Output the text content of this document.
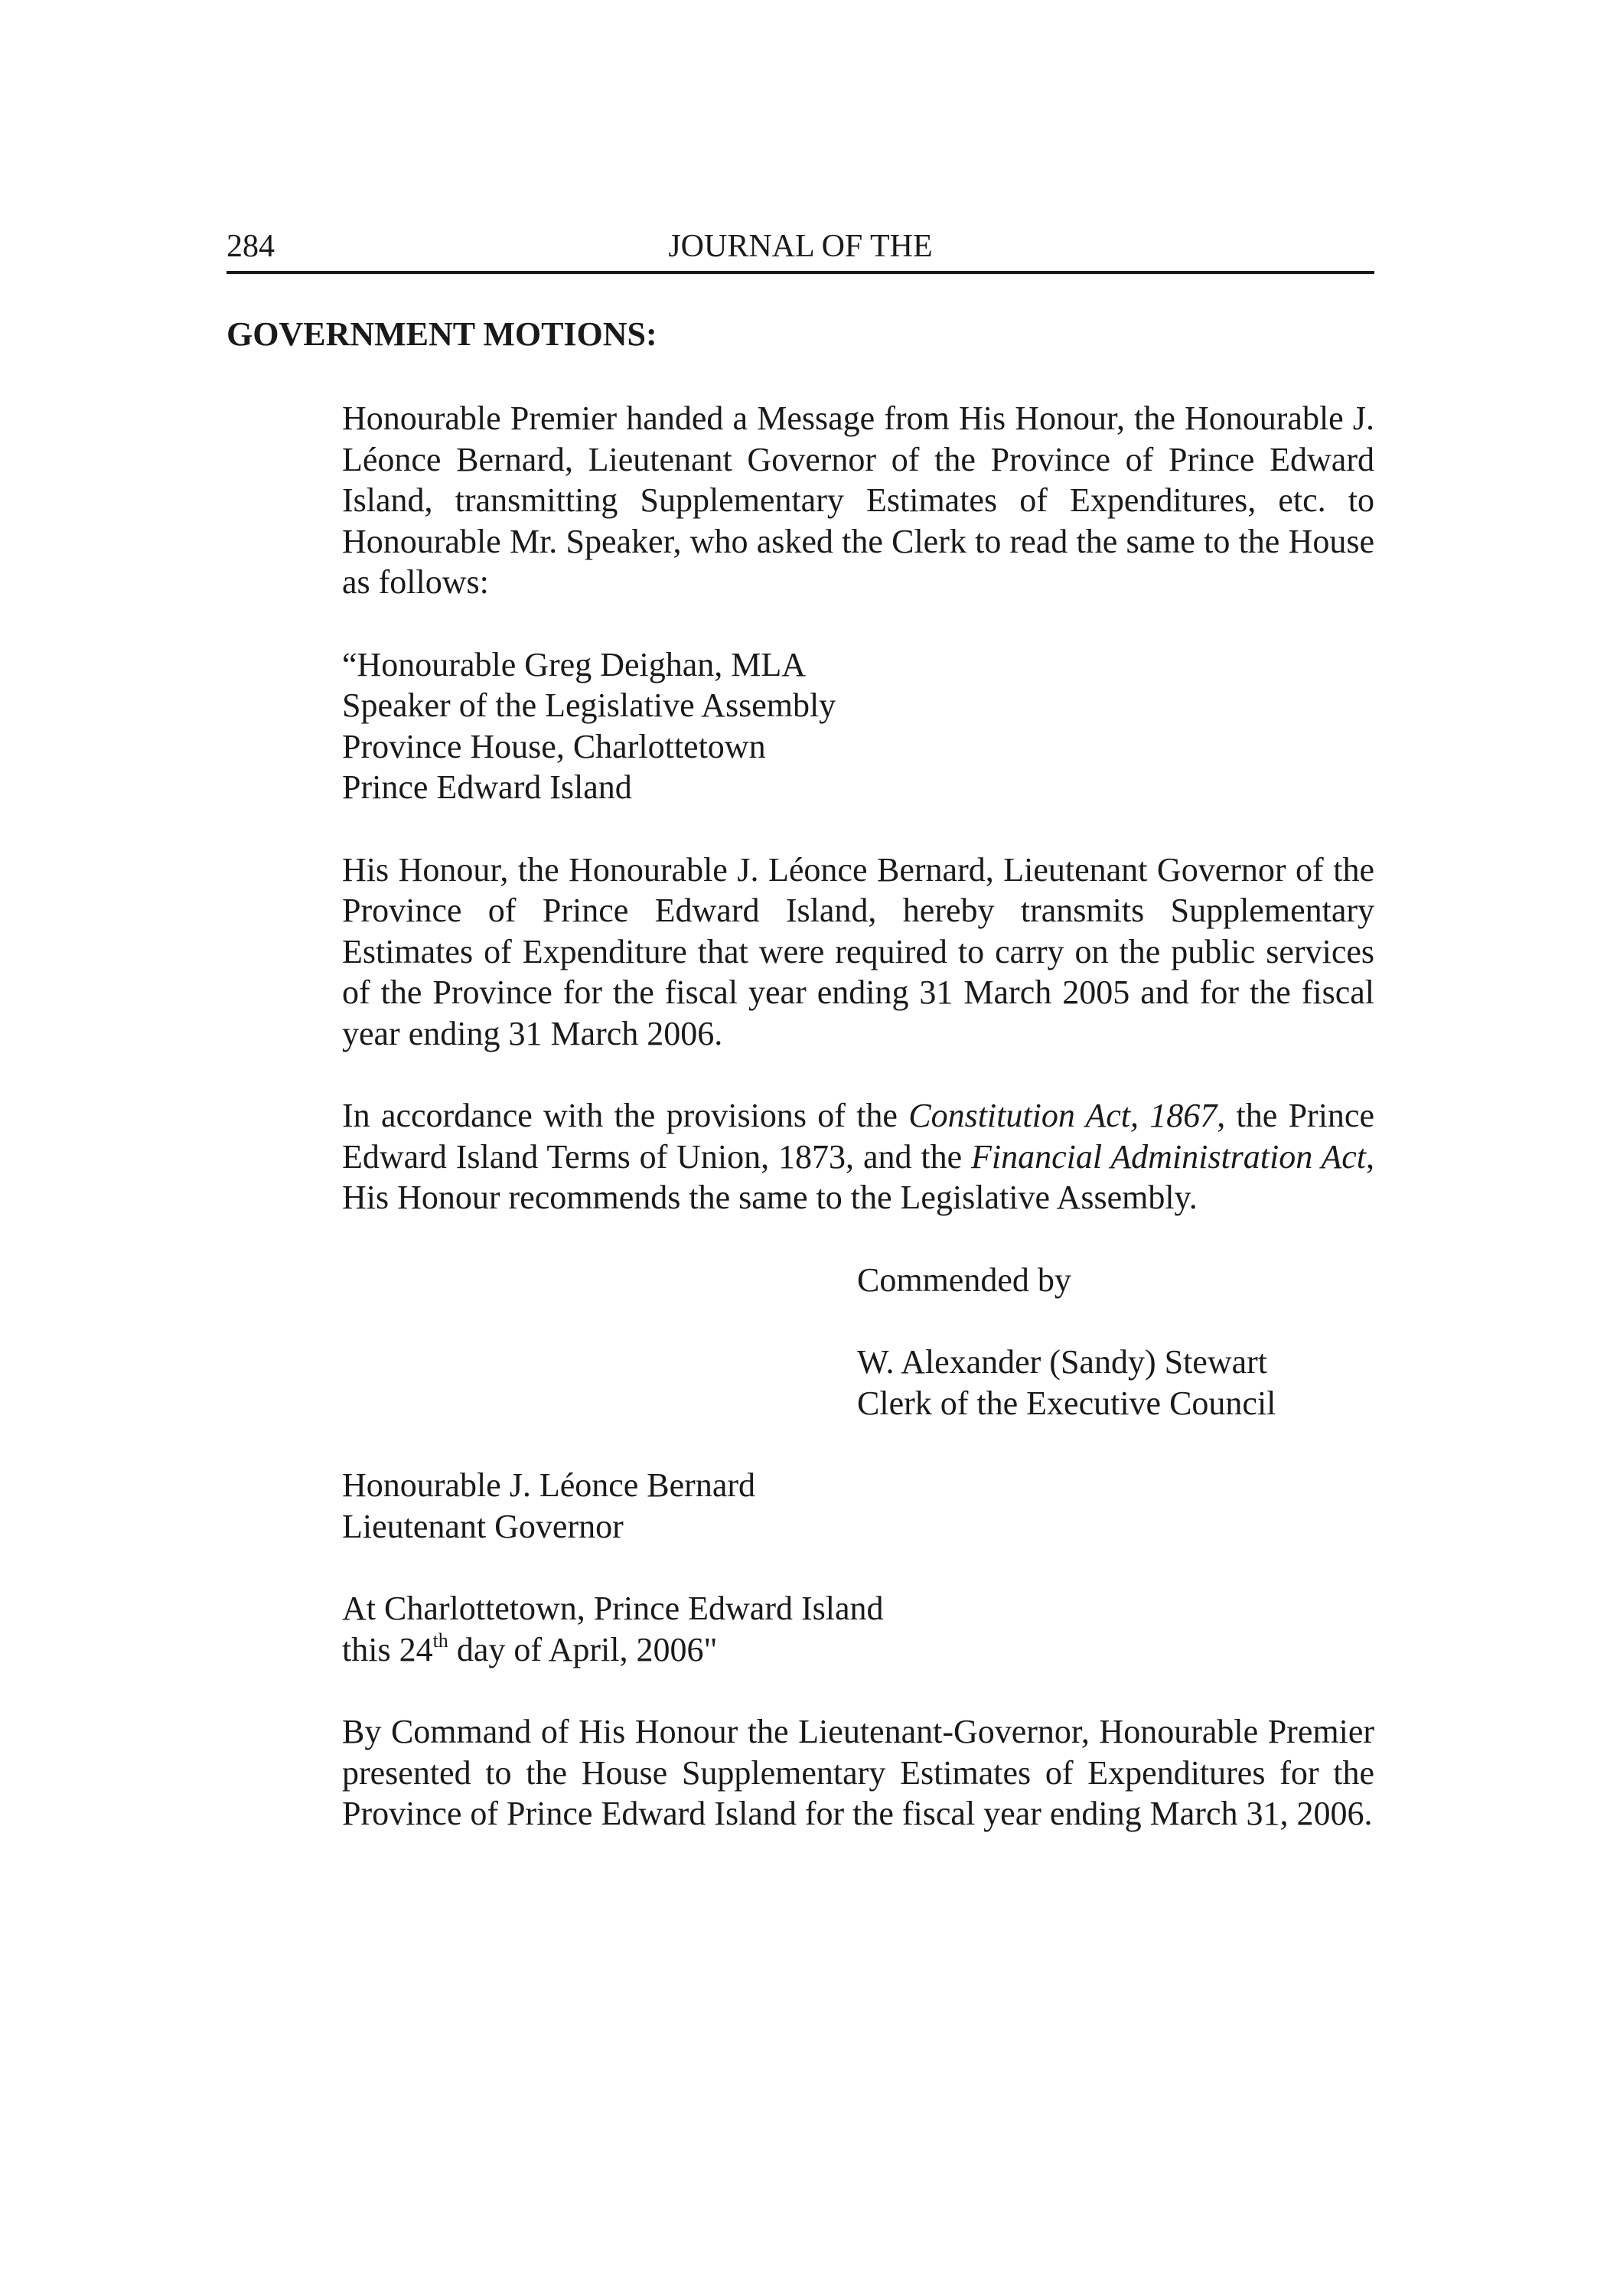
284	JOURNAL OF THE
GOVERNMENT MOTIONS:

Honourable Premier handed a Message from His Honour, the Honourable J. Léonce Bernard, Lieutenant Governor of the Province of Prince Edward Island, transmitting Supplementary Estimates of Expenditures, etc. to Honourable Mr. Speaker, who asked the Clerk to read the same to the House as follows:

“Honourable Greg Deighan, MLA
Speaker of the Legislative Assembly
Province House, Charlottetown
Prince Edward Island

His Honour, the Honourable J. Léonce Bernard, Lieutenant Governor of the Province of Prince Edward Island, hereby transmits Supplementary Estimates of Expenditure that were required to carry on the public services of the Province for the fiscal year ending 31 March 2005 and for the fiscal year ending 31 March 2006.

In accordance with the provisions of the Constitution Act, 1867, the Prince Edward Island Terms of Union, 1873, and the Financial Administration Act, His Honour recommends the same to the Legislative Assembly.

Commended by

W. Alexander (Sandy) Stewart
Clerk of the Executive Council

Honourable J. Léonce Bernard
Lieutenant Governor

At Charlottetown, Prince Edward Island
this 24th day of April, 2006"

By Command of His Honour the Lieutenant-Governor, Honourable Premier presented to the House Supplementary Estimates of Expenditures for the Province of Prince Edward Island for the fiscal year ending March 31, 2006.
